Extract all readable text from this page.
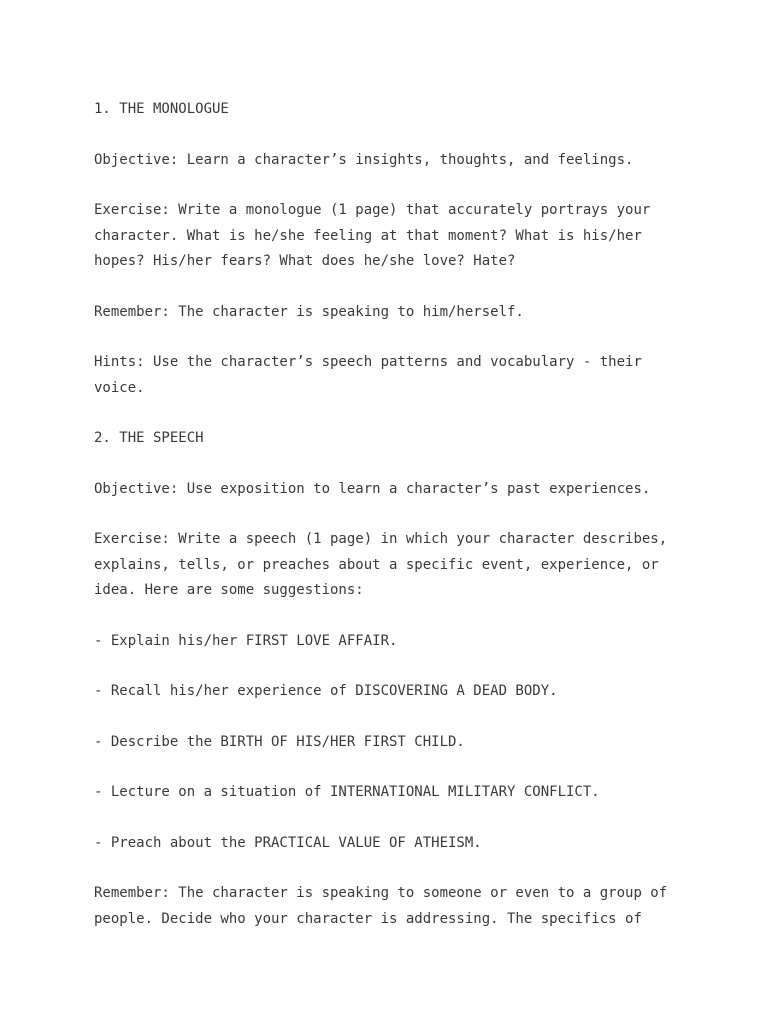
1. THE MONOLOGUE

Objective: Learn a character’s insights, thoughts, and feelings.

Exercise: Write a monologue (1 page) that accurately portrays your
character. What is he/she feeling at that moment? What is his/her
hopes? His/her fears? What does he/she love? Hate?

Remember: The character is speaking to him/herself.

Hints: Use the character’s speech patterns and vocabulary - their
voice.

2. THE SPEECH

Objective: Use exposition to learn a character’s past experiences.

Exercise: Write a speech (1 page) in which your character describes,
explains, tells, or preaches about a specific event, experience, or
idea. Here are some suggestions:

- Explain his/her FIRST LOVE AFFAIR.

- Recall his/her experience of DISCOVERING A DEAD BODY.

- Describe the BIRTH OF HIS/HER FIRST CHILD.

- Lecture on a situation of INTERNATIONAL MILITARY CONFLICT.

- Preach about the PRACTICAL VALUE OF ATHEISM.

Remember: The character is speaking to someone or even to a group of
people. Decide who your character is addressing. The specifics of
